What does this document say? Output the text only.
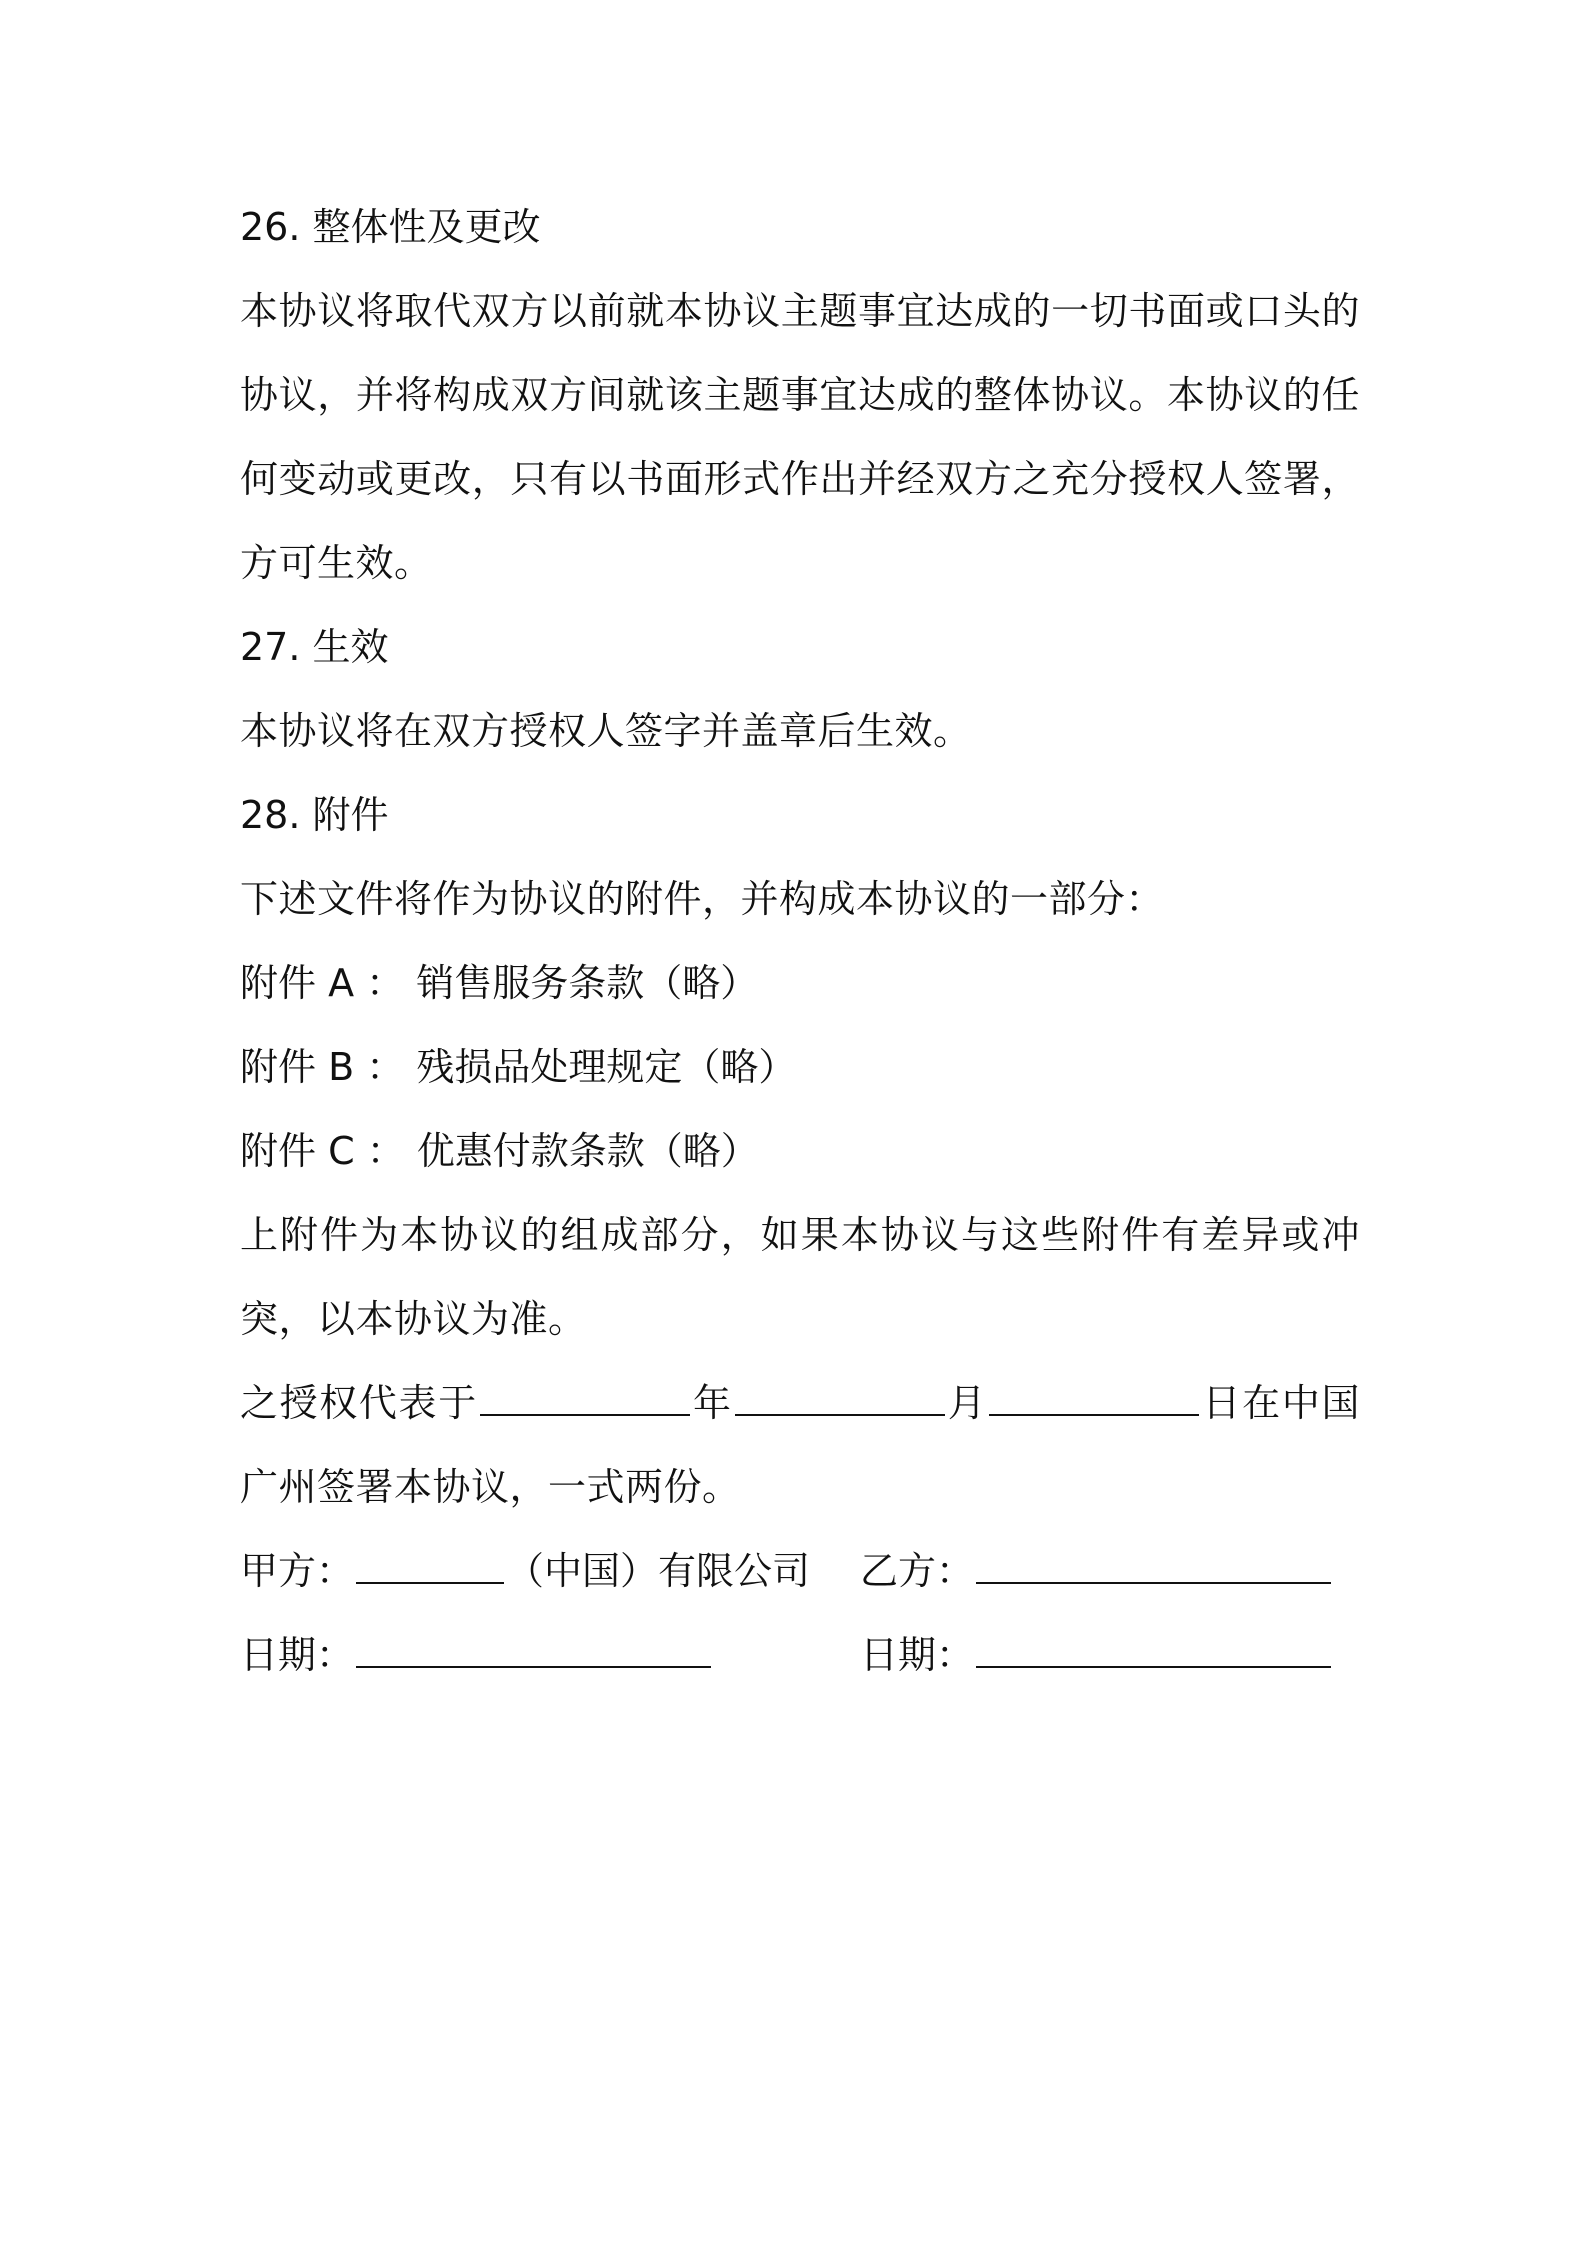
26. 整体性及更改
本协议将取代双方以前就本协议主题事宜达成的一切书面或口头的协议，并将构成双方间就该主题事宜达成的整体协议。本协议的任何变动或更改，只有以书面形式作出并经双方之充分授权人签署，方可生效。
27. 生效
本协议将在双方授权人签字并盖章后生效。
28. 附件
下述文件将作为协议的附件，并构成本协议的一部分：
附件 A ： 销售服务条款（略）
附件 B ： 残损品处理规定（略）
附件 C ： 优惠付款条款（略）
上附件为本协议的组成部分，如果本协议与这些附件有差异或冲突，以本协议为准。
之授权代表于	年	月	日在中国广州签署本协议，一式两份。
甲方：	（中国）有限公司 乙方：
日期：	日期：
